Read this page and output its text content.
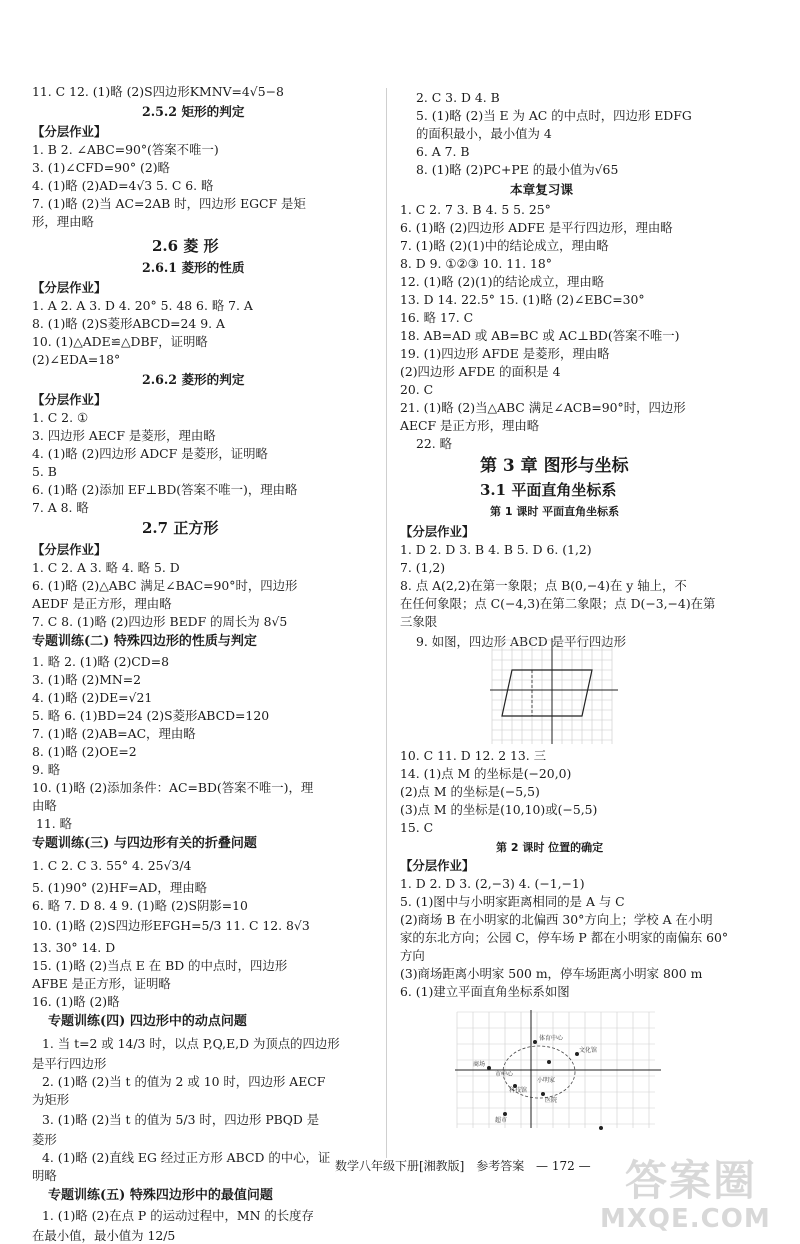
11. C 12. (1)略 (2)S四边形KMNV=4√5−8
2.5.2 矩形的判定
【分层作业】
1. B 2. ∠ABC=90°(答案不唯一)
3. (1)∠CFD=90° (2)略
4. (1)略 (2)AD=4√3 5. C 6. 略
7. (1)略 (2)当 AC=2AB 时，四边形 EGCF 是矩
形，理由略
2.6 菱 形
2.6.1 菱形的性质
【分层作业】
1. A 2. A 3. D 4. 20° 5. 48 6. 略 7. A
8. (1)略 (2)S菱形ABCD=24 9. A
10. (1)△ADE≌△DBF，证明略
(2)∠EDA=18°
2.6.2 菱形的判定
【分层作业】
1. C 2. ①
3. 四边形 AECF 是菱形，理由略
4. (1)略 (2)四边形 ADCF 是菱形，证明略
5. B
6. (1)略 (2)添加 EF⊥BD(答案不唯一)，理由略
7. A 8. 略
2.7 正方形
【分层作业】
1. C 2. A 3. 略 4. 略 5. D
6. (1)略 (2)△ABC 满足∠BAC=90°时，四边形
AEDF 是正方形，理由略
7. C 8. (1)略 (2)四边形 BEDF 的周长为 8√5
专题训练(二) 特殊四边形的性质与判定
1. 略 2. (1)略 (2)CD=8
3. (1)略 (2)MN=2
4. (1)略 (2)DE=√21
5. 略 6. (1)BD=24 (2)S菱形ABCD=120
7. (1)略 (2)AB=AC，理由略
8. (1)略 (2)OE=2
9. 略
10. (1)略 (2)添加条件：AC=BD(答案不唯一)，理
由略
11. 略
专题训练(三) 与四边形有关的折叠问题
1. C 2. C 3. 55° 4. 25√3/4
5. (1)90° (2)HF=AD，理由略
6. 略 7. D 8. 4 9. (1)略 (2)S阴影=10
10. (1)略 (2)S四边形EFGH=5/3 11. C 12. 8√3
13. 30° 14. D
15. (1)略 (2)当点 E 在 BD 的中点时，四边形
AFBE 是正方形，证明略
16. (1)略 (2)略
专题训练(四) 四边形中的动点问题
1. 当 t=2 或 14/3 时，以点 P,Q,E,D 为顶点的四边形
是平行四边形
2. (1)略 (2)当 t 的值为 2 或 10 时，四边形 AECF
为矩形
3. (1)略 (2)当 t 的值为 5/3 时，四边形 PBQD 是
菱形
4. (1)略 (2)直线 EG 经过正方形 ABCD 的中心，证
明略
专题训练(五) 特殊四边形中的最值问题
1. (1)略 (2)在点 P 的运动过程中，MN 的长度存
在最小值，最小值为 12/5
2. C 3. D 4. B
5. (1)略 (2)当 E 为 AC 的中点时，四边形 EDFG
的面积最小，最小值为 4
6. A 7. B
8. (1)略 (2)PC+PE 的最小值为√65
本章复习课
1. C 2. 7 3. B 4. 5 5. 25°
6. (1)略 (2)四边形 ADFE 是平行四边形，理由略
7. (1)略 (2)(1)中的结论成立，理由略
8. D 9. ①②③ 10. 11. 18°
12. (1)略 (2)(1)的结论成立，理由略
13. D 14. 22.5° 15. (1)略 (2)∠EBC=30°
16. 略 17. C
18. AB=AD 或 AB=BC 或 AC⊥BD(答案不唯一)
19. (1)四边形 AFDE 是菱形，理由略
(2)四边形 AFDE 的面积是 4
20. C
21. (1)略 (2)当△ABC 满足∠ACB=90°时，四边形
AECF 是正方形，理由略
22. 略
第 3 章 图形与坐标
3.1 平面直角坐标系
第 1 课时 平面直角坐标系
【分层作业】
1. D 2. D 3. B 4. B 5. D 6. (1,2)
7. (1,2)
8. 点 A(2,2)在第一象限；点 B(0,−4)在 y 轴上，不
在任何象限；点 C(−4,3)在第二象限；点 D(−3,−4)在第
三象限
9. 如图，四边形 ABCD 是平行四边形
10. C 11. D 12. 2 13. 三
14. (1)点 M 的坐标是(−20,0)
(2)点 M 的坐标是(−5,5)
(3)点 M 的坐标是(10,10)或(−5,5)
15. C
第 2 课时 位置的确定
【分层作业】
1. D 2. D 3. (2,−3) 4. (−1,−1)
5. (1)图中与小明家距离相同的是 A 与 C
(2)商场 B 在小明家的北偏西 30°方向上；学校 A 在小明
家的东北方向；公园 C，停车场 P 都在小明家的南偏东 60°
方向
(3)商场距离小明家 500 m，停车场距离小明家 800 m
6. (1)建立平面直角坐标系如图
体育中心
商场
科技馆
市中心
小明家
文化馆
医院
超市
数学八年级下册[湘教版] 参考答案 — 172 — 答案圈
MXQE.COM
